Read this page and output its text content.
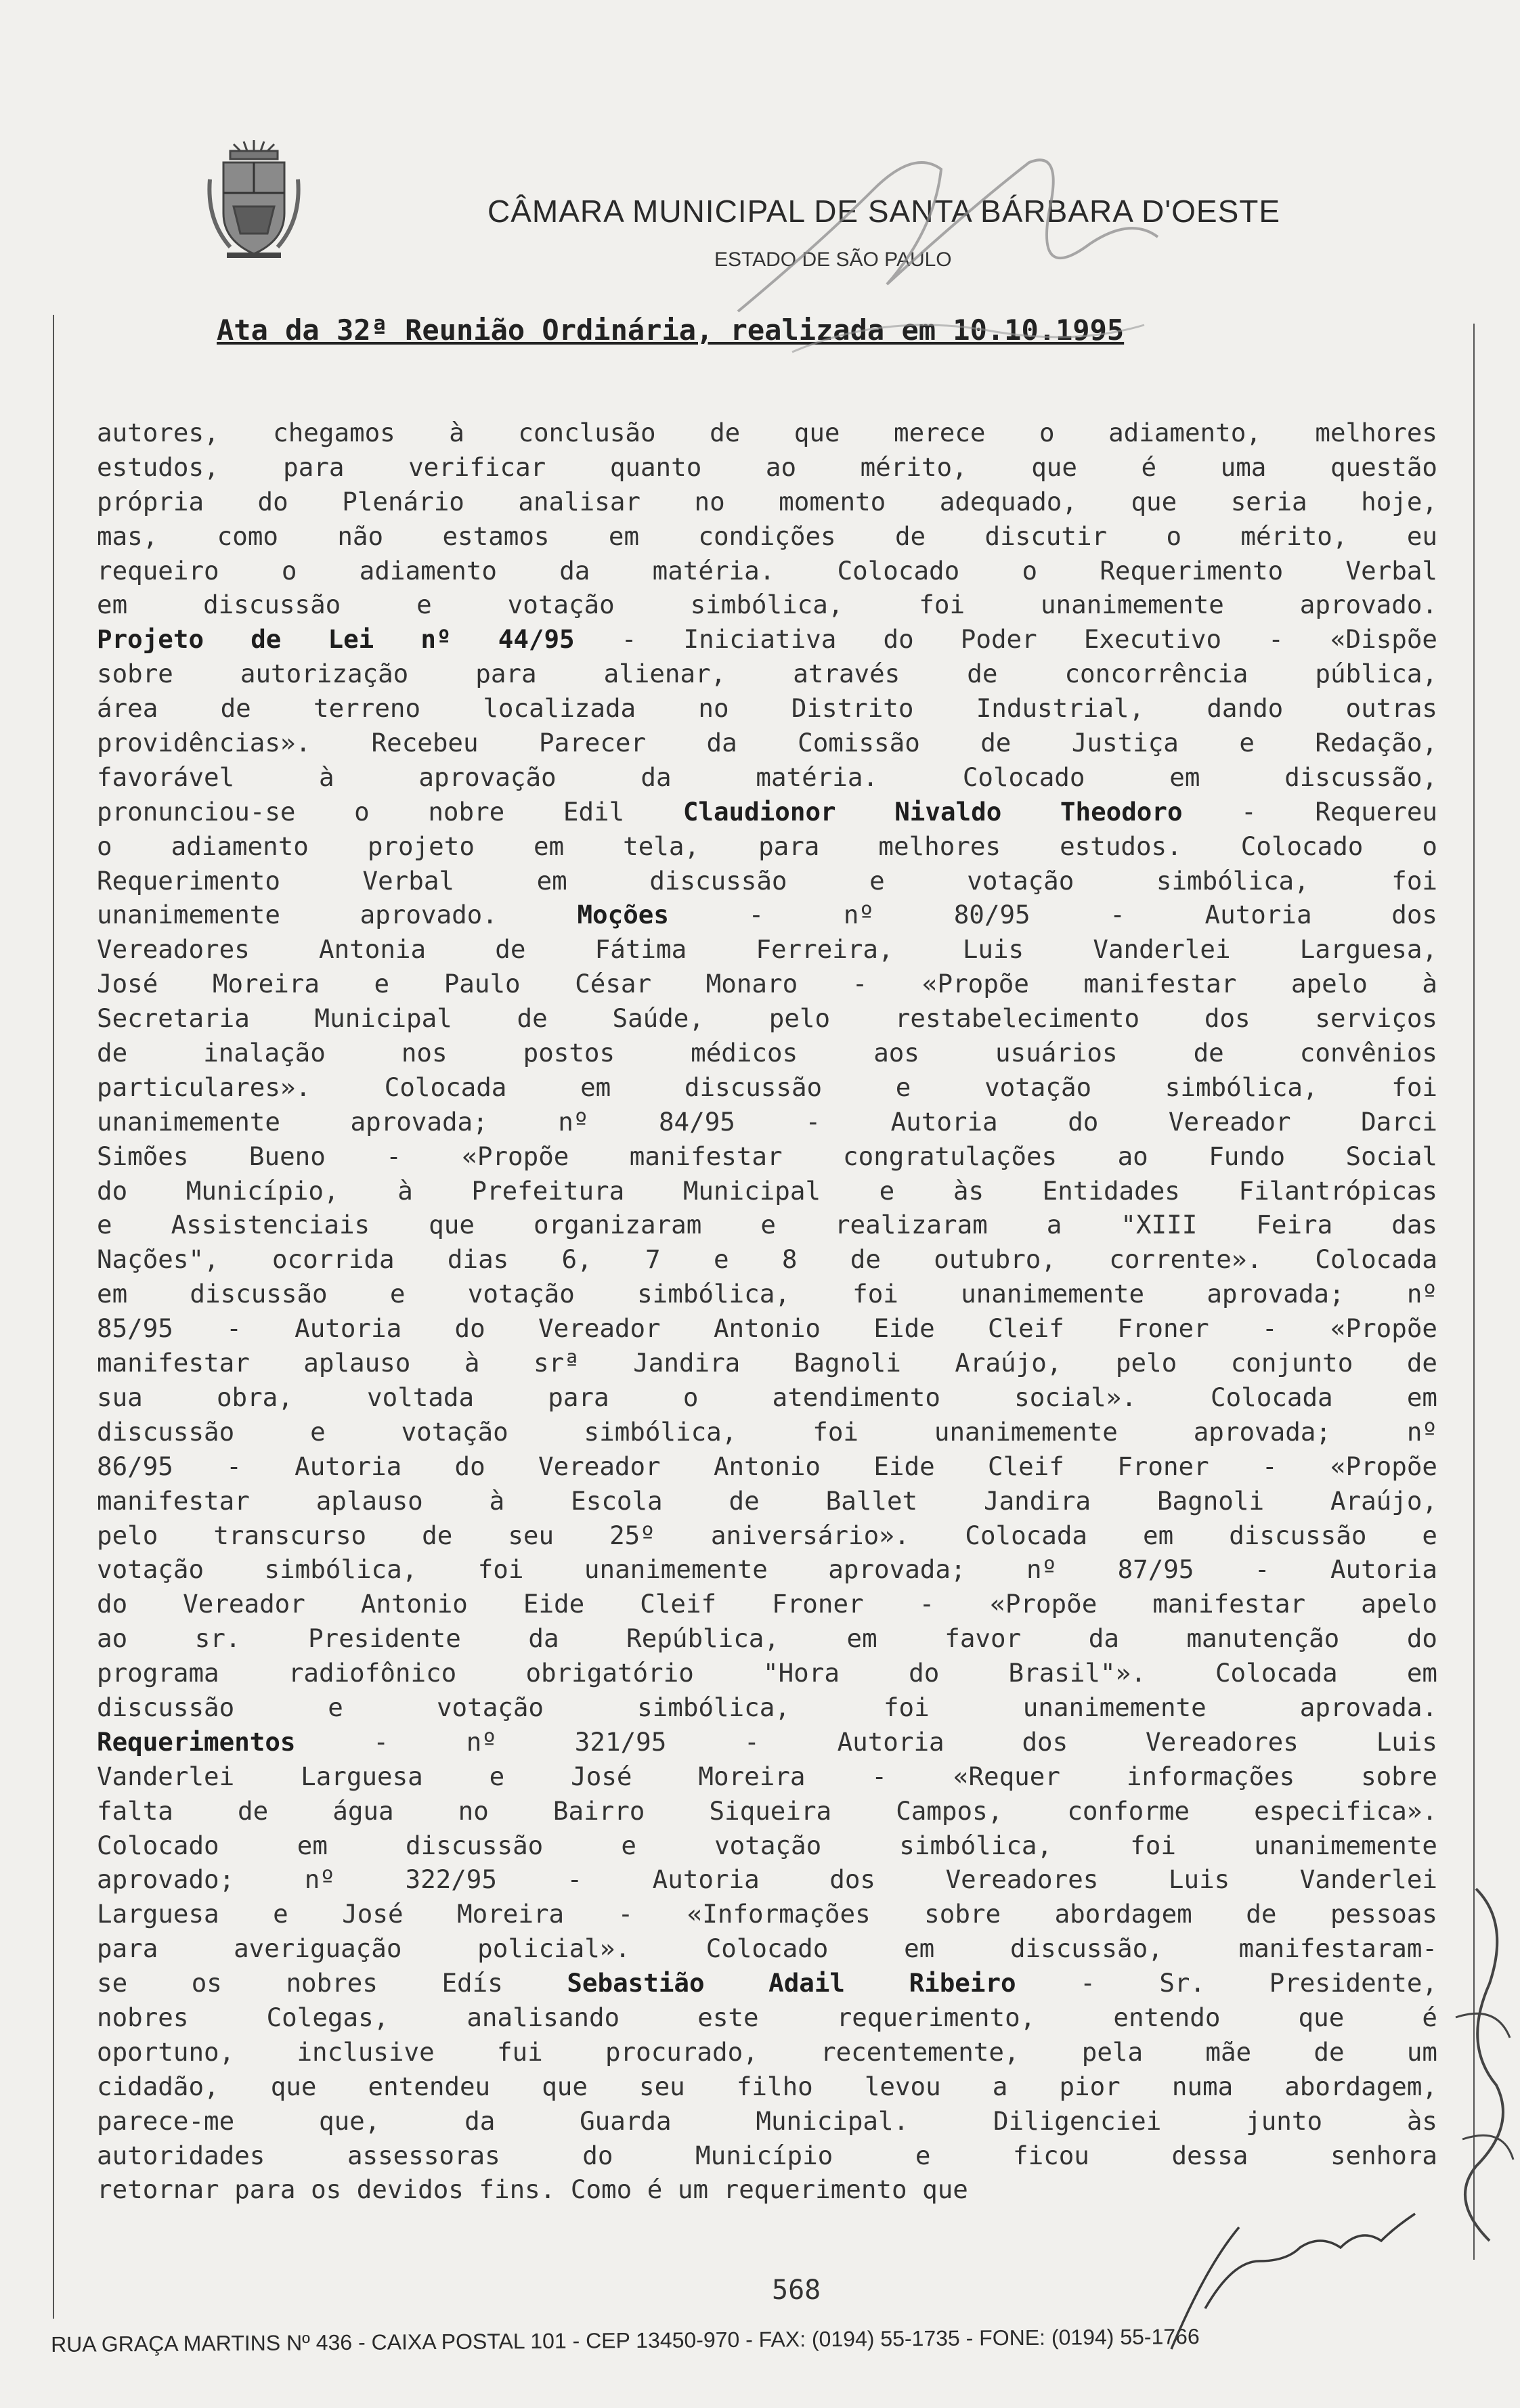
CÂMARA MUNICIPAL DE SANTA BÁRBARA D'OESTE
ESTADO DE SÃO PAULO
Ata da 32ª Reunião Ordinária, realizada em 10.10.1995
autores, chegamos à conclusão de que merece o adiamento, melhores
estudos, para verificar quanto ao mérito, que é uma questão
própria do Plenário analisar no momento adequado, que seria hoje,
mas, como não estamos em condições de discutir o mérito, eu
requeiro o adiamento da matéria. Colocado o Requerimento Verbal
em discussão e votação simbólica, foi unanimemente aprovado.
Projeto de Lei nº 44/95 - Iniciativa do Poder Executivo - «Dispõe
sobre autorização para alienar, através de concorrência pública,
área de terreno localizada no Distrito Industrial, dando outras
providências». Recebeu Parecer da Comissão de Justiça e Redação,
favorável à aprovação da matéria. Colocado em discussão,
pronunciou-se o nobre Edil Claudionor Nivaldo Theodoro - Requereu
o adiamento projeto em tela, para melhores estudos. Colocado o
Requerimento Verbal em discussão e votação simbólica, foi
unanimemente aprovado. Moções - nº 80/95 - Autoria dos
Vereadores Antonia de Fátima Ferreira, Luis Vanderlei Larguesa,
José Moreira e Paulo César Monaro - «Propõe manifestar apelo à
Secretaria Municipal de Saúde, pelo restabelecimento dos serviços
de inalação nos postos médicos aos usuários de convênios
particulares». Colocada em discussão e votação simbólica, foi
unanimemente aprovada; nº 84/95 - Autoria do Vereador Darci
Simões Bueno - «Propõe manifestar congratulações ao Fundo Social
do Município, à Prefeitura Municipal e às Entidades Filantrópicas
e Assistenciais que organizaram e realizaram a "XIII Feira das
Nações", ocorrida dias 6, 7 e 8 de outubro, corrente». Colocada
em discussão e votação simbólica, foi unanimemente aprovada; nº
85/95 - Autoria do Vereador Antonio Eide Cleif Froner - «Propõe
manifestar aplauso à srª Jandira Bagnoli Araújo, pelo conjunto de
sua obra, voltada para o atendimento social». Colocada em
discussão e votação simbólica, foi unanimemente aprovada; nº
86/95 - Autoria do Vereador Antonio Eide Cleif Froner - «Propõe
manifestar aplauso à Escola de Ballet Jandira Bagnoli Araújo,
pelo transcurso de seu 25º aniversário». Colocada em discussão e
votação simbólica, foi unanimemente aprovada; nº 87/95 - Autoria
do Vereador Antonio Eide Cleif Froner - «Propõe manifestar apelo
ao sr. Presidente da República, em favor da manutenção do
programa radiofônico obrigatório "Hora do Brasil"». Colocada em
discussão e votação simbólica, foi unanimemente aprovada.
Requerimentos - nº 321/95 - Autoria dos Vereadores Luis
Vanderlei Larguesa e José Moreira - «Requer informações sobre
falta de água no Bairro Siqueira Campos, conforme especifica».
Colocado em discussão e votação simbólica, foi unanimemente
aprovado; nº 322/95 - Autoria dos Vereadores Luis Vanderlei
Larguesa e José Moreira - «Informações sobre abordagem de pessoas
para averiguação policial». Colocado em discussão, manifestaram-
se os nobres Edís Sebastião Adail Ribeiro - Sr. Presidente,
nobres Colegas, analisando este requerimento, entendo que é
oportuno, inclusive fui procurado, recentemente, pela mãe de um
cidadão, que entendeu que seu filho levou a pior numa abordagem,
parece-me que, da Guarda Municipal. Diligenciei junto às
autoridades assessoras do Município e ficou dessa senhora
retornar para os devidos fins. Como é um requerimento que
568
RUA GRAÇA MARTINS Nº 436 - CAIXA POSTAL 101 - CEP 13450-970 - FAX: (0194) 55-1735 - FONE: (0194) 55-1766
